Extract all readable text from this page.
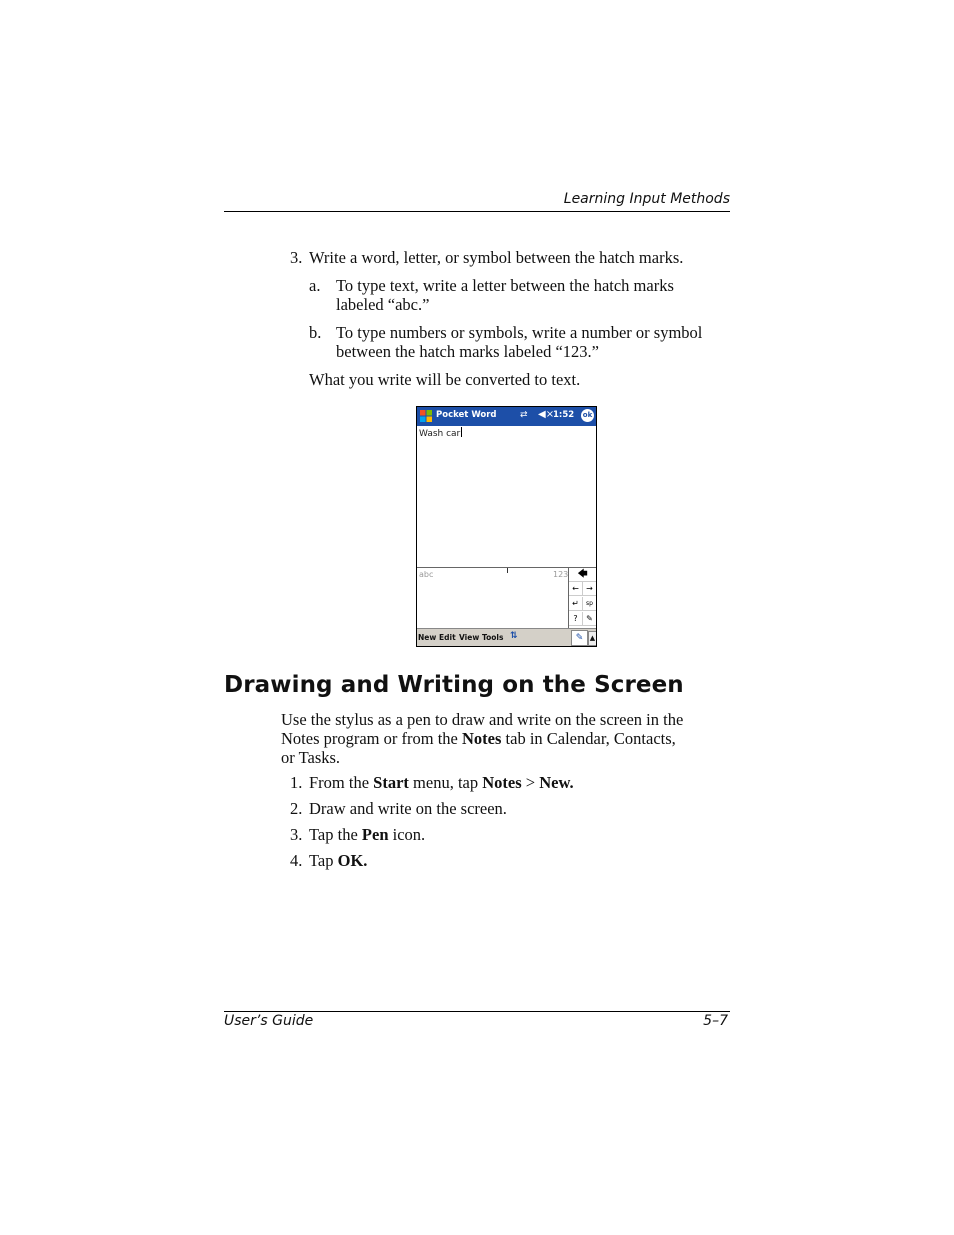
Learning Input Methods
3. Write a word, letter, or symbol between the hatch marks.
a. To type text, write a letter between the hatch marks
labeled “abc.”
b. To type numbers or symbols, write a number or symbol
between the hatch marks labeled “123.”
What you write will be converted to text.
Pocket Word	⇄ ◀×
1:52 ok
Wash car
abc	123 🡄
← →
↵	sp
?	✎
New Edit View Tools ⇅	✎ ▲
Drawing and Writing on the Screen
Use the stylus as a pen to draw and write on the screen in the
Notes program or from the Notes tab in Calendar, Contacts,
or Tasks.
1. From the Start menu, tap Notes > New.
2. Draw and write on the screen.
3. Tap the Pen icon.
4. Tap OK.
User’s Guide	5–7
